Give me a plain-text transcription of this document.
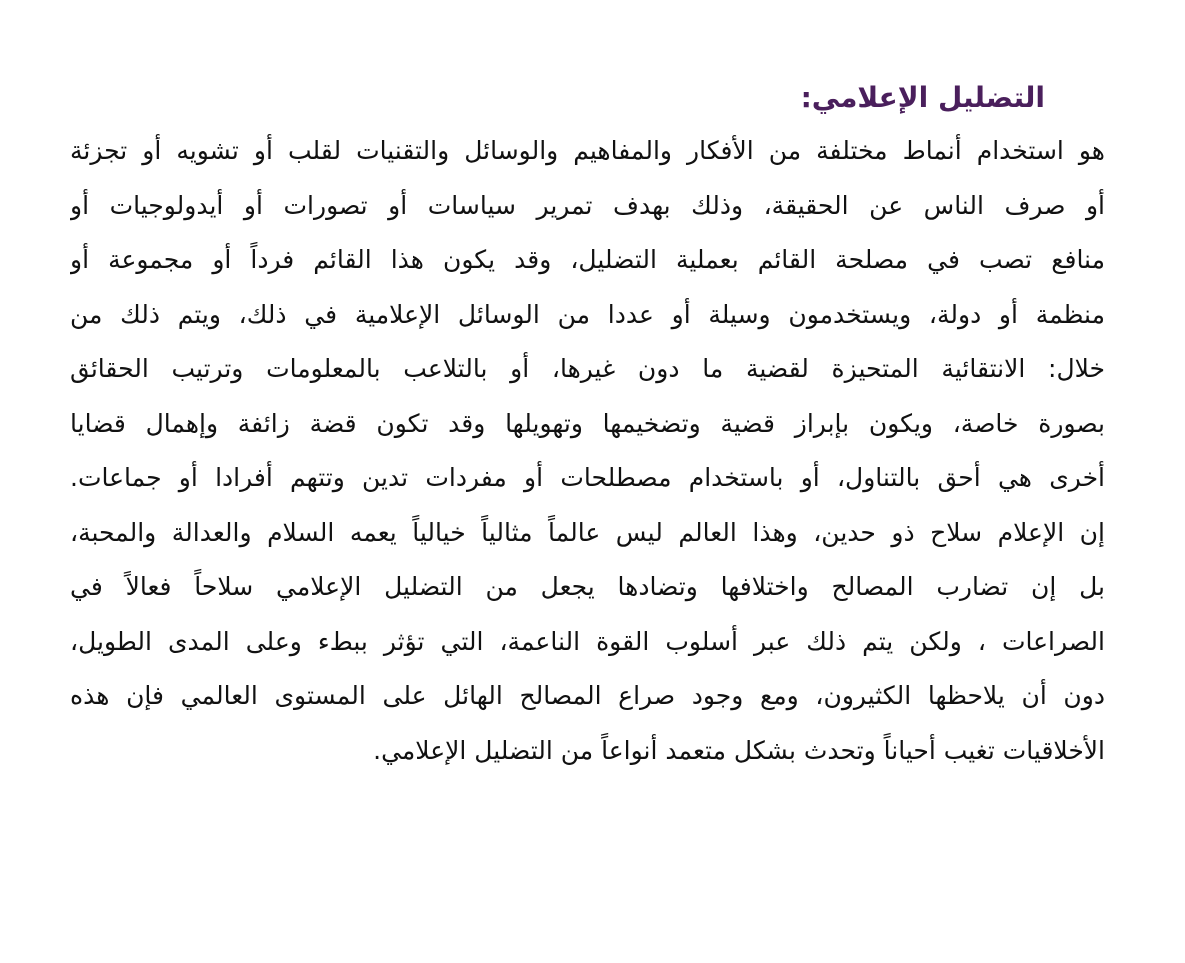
التضليل الإعلامي:
هو استخدام أنماط مختلفة من الأفكار والمفاهيم والوسائل والتقنيات لقلب أو تشويه أو تجزئة
أو صرف الناس عن الحقيقة، وذلك بهدف تمرير سياسات أو تصورات أو أيدولوجيات أو
منافع تصب في مصلحة القائم بعملية التضليل، وقد يكون هذا القائم فرداً أو مجموعة أو
منظمة أو دولة، ويستخدمون وسيلة أو عددا من الوسائل الإعلامية في ذلك، ويتم ذلك من
خلال: الانتقائية المتحيزة لقضية ما دون غيرها، أو بالتلاعب بالمعلومات وترتيب الحقائق
بصورة خاصة، ويكون بإبراز قضية وتضخيمها وتهويلها وقد تكون قضة زائفة وإهمال قضايا
أخرى هي أحق بالتناول، أو باستخدام مصطلحات أو مفردات تدين وتتهم أفرادا أو جماعات.
إن الإعلام سلاح ذو حدين، وهذا العالم ليس عالماً مثالياً خيالياً يعمه السلام والعدالة والمحبة،
بل إن تضارب المصالح واختلافها وتضادها يجعل من التضليل الإعلامي سلاحاً فعالاً في
الصراعات ، ولكن يتم ذلك عبر أسلوب القوة الناعمة، التي تؤثر ببطء وعلى المدى الطويل،
دون أن يلاحظها الكثيرون، ومع وجود صراع المصالح الهائل على المستوى العالمي فإن هذه
الأخلاقيات تغيب أحياناً وتحدث بشكل متعمد أنواعاً من التضليل الإعلامي.
